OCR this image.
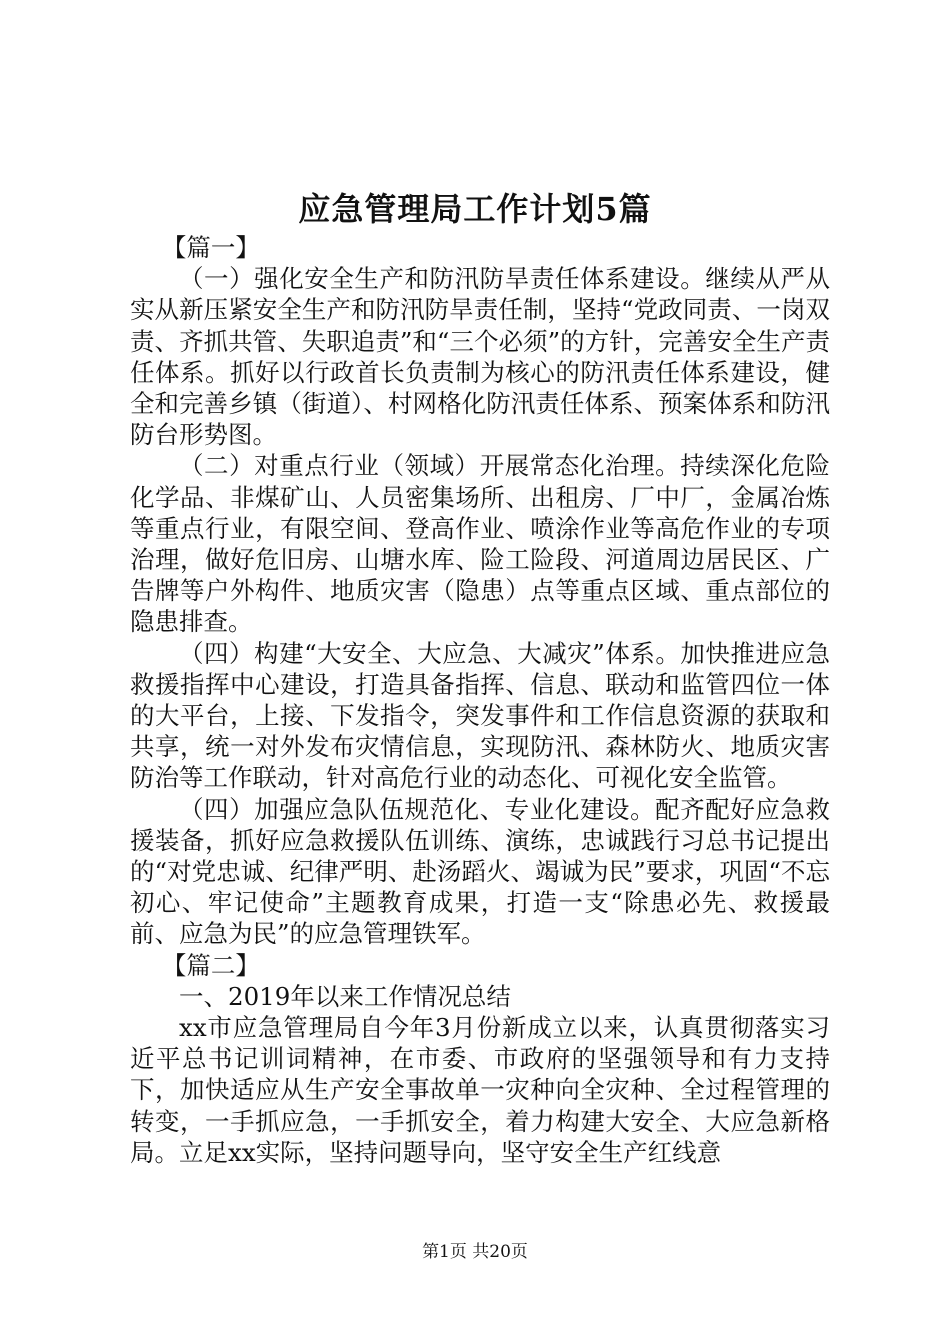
应急管理局工作计划5篇

【篇一】

（一）强化安全生产和防汛防旱责任体系建设。继续从严从实从新压紧安全生产和防汛防旱责任制，坚持“党政同责、一岗双责、齐抓共管、失职追责”和“三个必须”的方针，完善安全生产责任体系。抓好以行政首长负责制为核心的防汛责任体系建设，健全和完善乡镇（街道）、村网格化防汛责任体系、预案体系和防汛防台形势图。

（二）对重点行业（领域）开展常态化治理。持续深化危险化学品、非煤矿山、人员密集场所、出租房、厂中厂，金属冶炼等重点行业，有限空间、登高作业、喷涂作业等高危作业的专项治理，做好危旧房、山塘水库、险工险段、河道周边居民区、广告牌等户外构件、地质灾害（隐患）点等重点区域、重点部位的隐患排查。

（四）构建“大安全、大应急、大减灾”体系。加快推进应急救援指挥中心建设，打造具备指挥、信息、联动和监管四位一体的大平台，上接、下发指令，突发事件和工作信息资源的获取和共享，统一对外发布灾情信息，实现防汛、森林防火、地质灾害防治等工作联动，针对高危行业的动态化、可视化安全监管。

（四）加强应急队伍规范化、专业化建设。配齐配好应急救援装备，抓好应急救援队伍训练、演练，忠诚践行习总书记提出的“对党忠诚、纪律严明、赴汤蹈火、竭诚为民”要求，巩固“不忘初心、牢记使命”主题教育成果，打造一支“除患必先、救援最前、应急为民”的应急管理铁军。

【篇二】

一、2019年以来工作情况总结

xx市应急管理局自今年3月份新成立以来，认真贯彻落实习近平总书记训词精神，在市委、市政府的坚强领导和有力支持下，加快适应从生产安全事故单一灾种向全灾种、全过程管理的转变，一手抓应急，一手抓安全，着力构建大安全、大应急新格局。立足xx实际，坚持问题导向，坚守安全生产红线意

第1页 共20页
